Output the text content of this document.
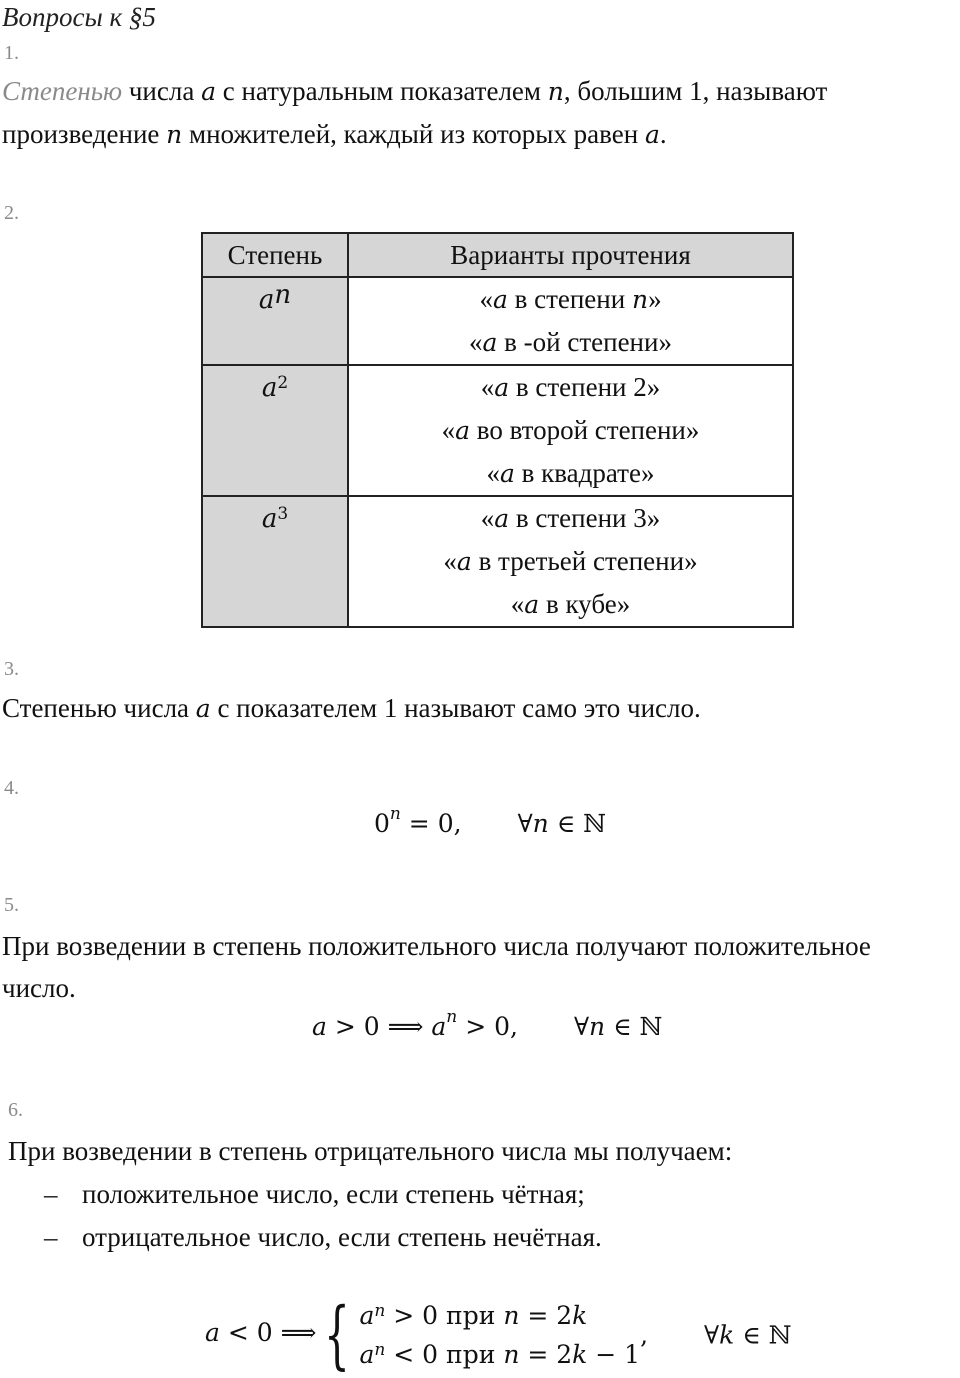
Вопросы к §5
1.
Степенью числа a с натуральным показателем n, большим 1, называют
произведение n множителей, каждый из которых равен a.
2.
Степень	Варианты прочтения
$a^n$	«a в степени n»
«a в -ой степени»

$a^2$	«a в степени 2»
«a во второй степени»
«a в квадрате»

$a^3$	«a в степени 3»
«a в третьей степени»
«a в кубе»
3.
Степенью числа a с показателем 1 называют само это число.
4.
$0^n = 0$, ∀n ∈ ℕ
5.
При возведении в степень положительного числа получают положительное
число.
a > 0 ⟹ $a^n > 0$, ∀n ∈ ℕ
6.
При возведении в степень отрицательного числа мы получаем:
– положительное число, если степень чётная;
– отрицательное число, если степень нечётная.
a < 0 ⟹ { $a^n > 0$ при n = 2k
$a^n < 0$ при n = 2k − 1
, ∀k ∈ ℕ
